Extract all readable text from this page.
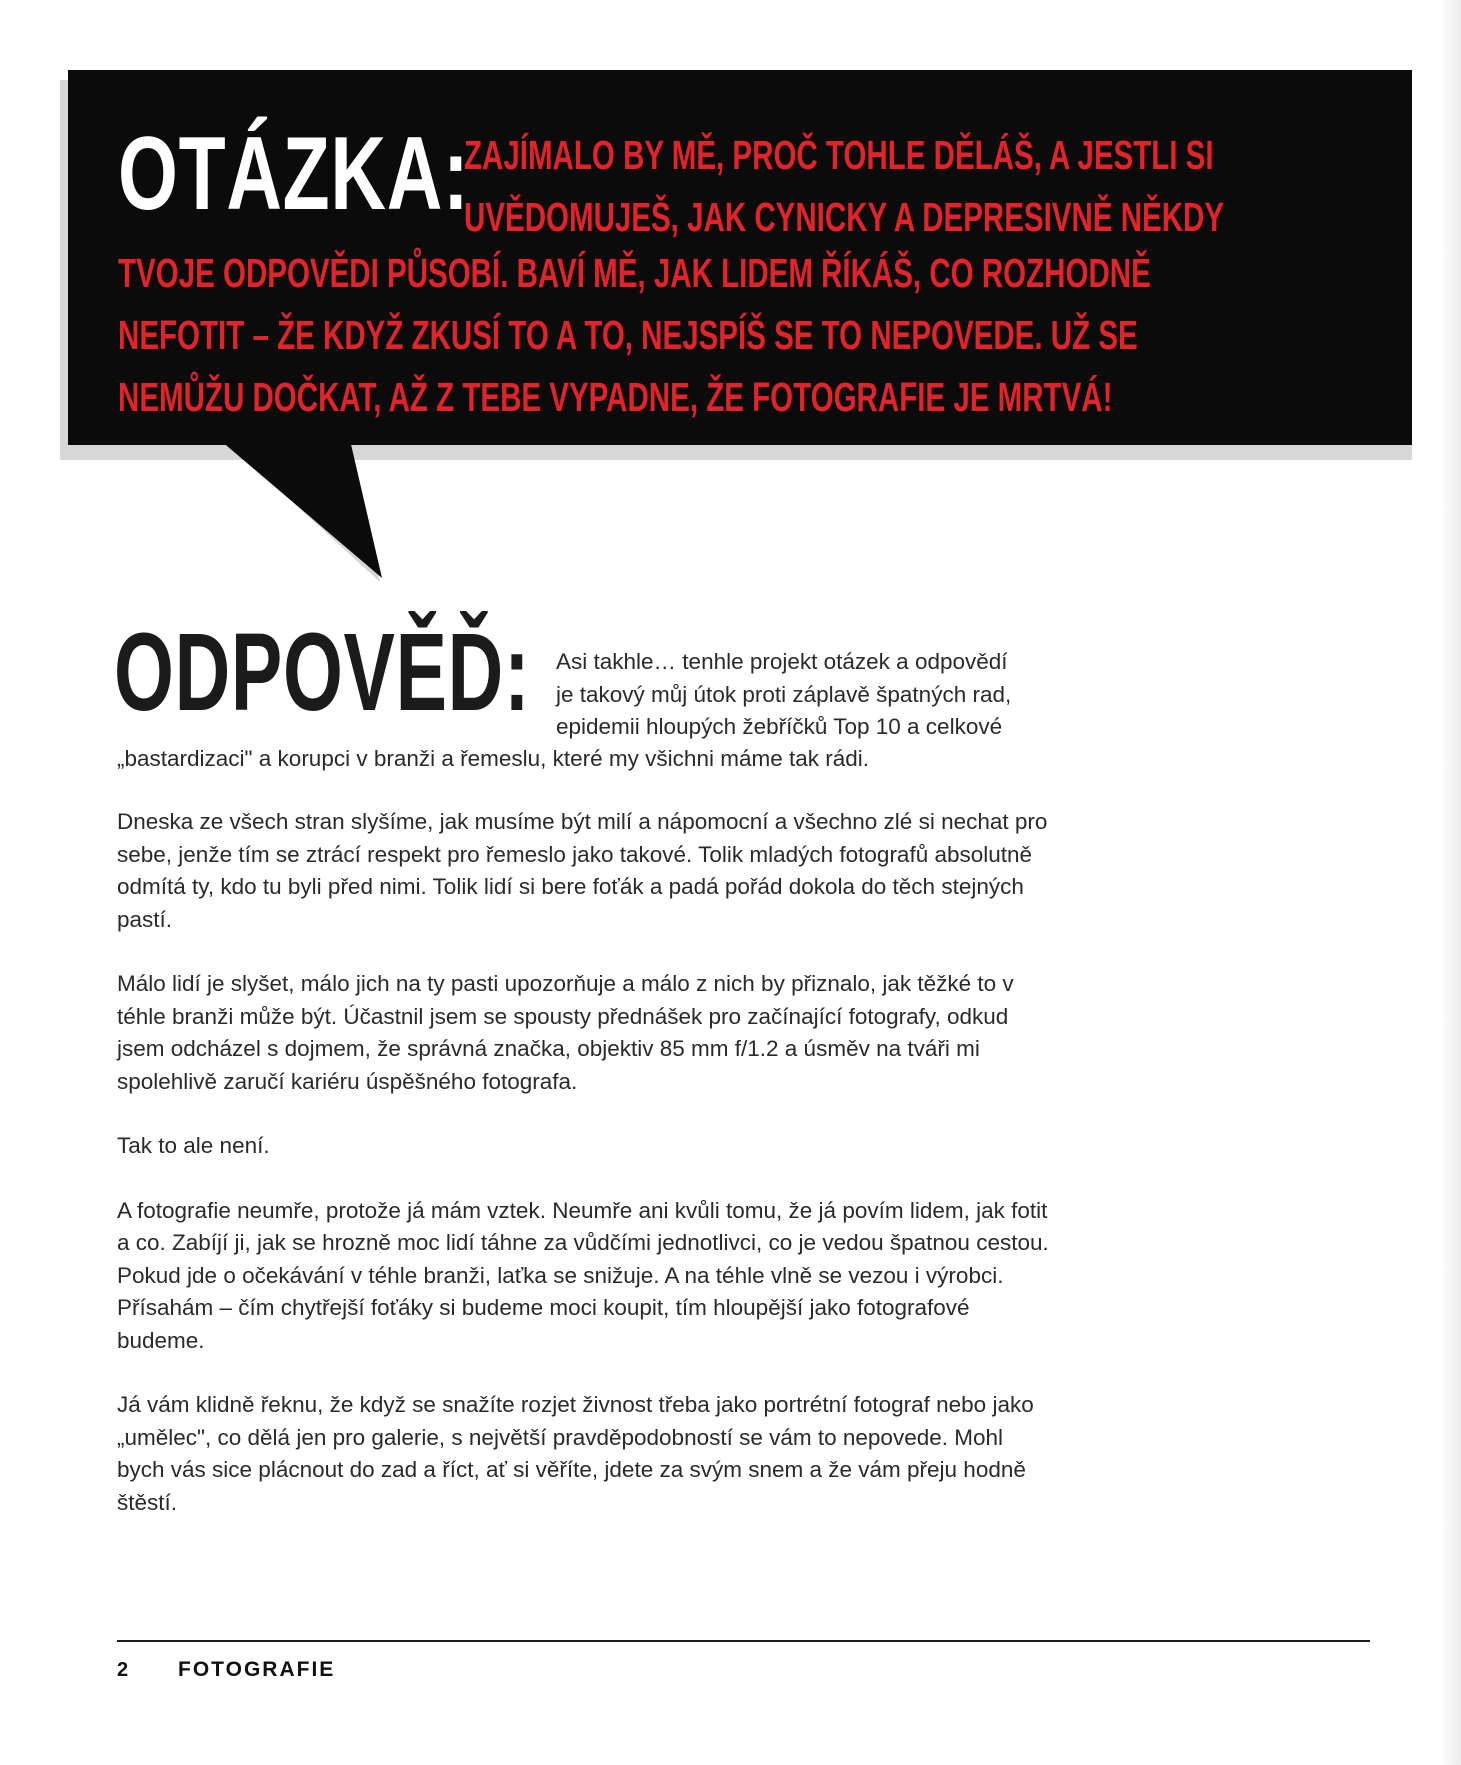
OTÁZKA:
ZAJÍMALO BY MĚ, PROČ TOHLE DĚLÁŠ, A JESTLI SI
UVĚDOMUJEŠ, JAK CYNICKY A DEPRESIVNĚ NĚKDY
TVOJE ODPOVĚDI PŮSOBÍ. BAVÍ MĚ, JAK LIDEM ŘÍKÁŠ, CO ROZHODNĚ
NEFOTIT – ŽE KDYŽ ZKUSÍ TO A TO, NEJSPÍŠ SE TO NEPOVEDE. UŽ SE
NEMŮŽU DOČKAT, AŽ Z TEBE VYPADNE, ŽE FOTOGRAFIE JE MRTVÁ!
ODPOVĚĎ: Asi takhle… tenhle projekt otázek a odpovědí
je takový můj útok proti záplavě špatných rad,
epidemii hloupých žebříčků Top 10 a celkové
„bastardizaci" a korupci v branži a řemeslu, které my všichni máme tak rádi.

Dneska ze všech stran slyšíme, jak musíme být milí a nápomocní a všechno zlé si nechat pro sebe, jenže tím se ztrácí respekt pro řemeslo jako takové. Tolik mladých fotografů absolutně odmítá ty, kdo tu byli před nimi. Tolik lidí si bere foťák a padá pořád dokola do těch stejných pastí.

Málo lidí je slyšet, málo jich na ty pasti upozorňuje a málo z nich by přiznalo, jak těžké to v téhle branži může být. Účastnil jsem se spousty přednášek pro začínající fotografy, odkud jsem odcházel s dojmem, že správná značka, objektiv 85 mm f/1.2 a úsměv na tváři mi spolehlivě zaručí kariéru úspěšného fotografa.

Tak to ale není.

A fotografie neumře, protože já mám vztek. Neumře ani kvůli tomu, že já povím lidem, jak fotit a co. Zabíjí ji, jak se hrozně moc lidí táhne za vůdčími jednotlivci, co je vedou špatnou cestou. Pokud jde o očekávání v téhle branži, laťka se snižuje. A na téhle vlně se vezou i výrobci. Přísahám – čím chytřejší foťáky si budeme moci koupit, tím hloupější jako fotografové budeme.

Já vám klidně řeknu, že když se snažíte rozjet živnost třeba jako portrétní fotograf nebo jako „umělec", co dělá jen pro galerie, s největší pravděpodobností se vám to nepovede. Mohl bych vás sice plácnout do zad a říct, ať si věříte, jdete za svým snem a že vám přeju hodně štěstí.

2 FOTOGRAFIE
